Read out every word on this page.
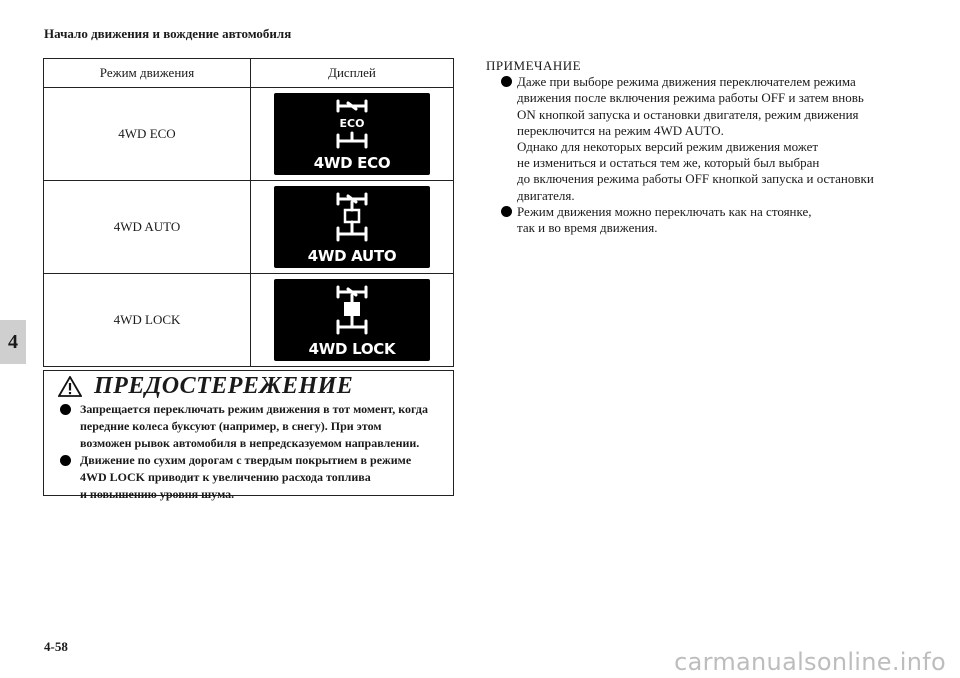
Начало движения и вождение автомобиля
4
Режим движения	Дисплей
4WD ECO	ECO
4WD ECO

4WD AUTO	4WD AUTO

4WD LOCK	4WD LOCK
ПРЕДОСТЕРЕЖЕНИЕ
Запрещается переключать режим движения в тот момент, когда
передние колеса буксуют (например, в снегу). При этом
возможен рывок автомобиля в непредсказуемом направлении.
Движение по сухим дорогам с твердым покрытием в режиме
4WD LOCK приводит к увеличению расхода топлива
и повышению уровня шума.
ПРИМЕЧАНИЕ
Даже при выборе режима движения переключателем режима
движения после включения режима работы OFF и затем вновь
ON кнопкой запуска и остановки двигателя, режим движения
переключится на режим 4WD AUTO.
Однако для некоторых версий режим движения может
не измениться и остаться тем же, который был выбран
до включения режима работы OFF кнопкой запуска и остановки
двигателя.
Режим движения можно переключать как на стоянке,
так и во время движения.
4-58
carmanualsonline.info
